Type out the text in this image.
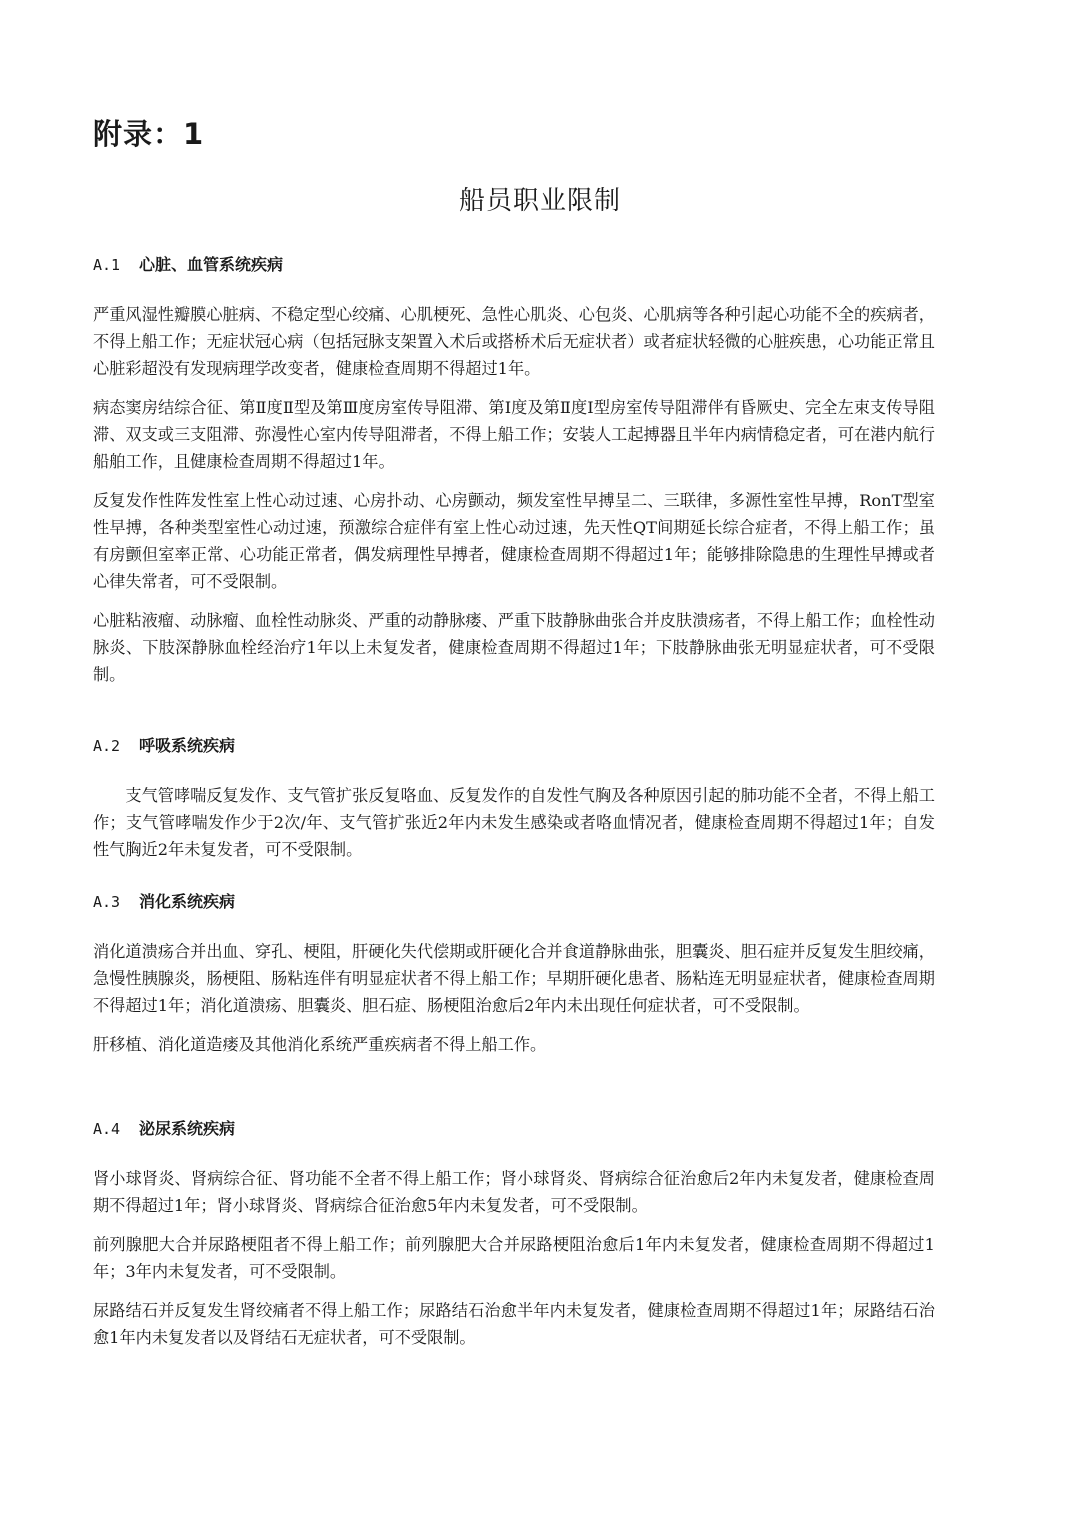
附录：1
船员职业限制
A.1 心脏、血管系统疾病

严重风湿性瓣膜心脏病、不稳定型心绞痛、心肌梗死、急性心肌炎、心包炎、心肌病等各种引起心功能不全的疾病者，不得上船工作；无症状冠心病（包括冠脉支架置入术后或搭桥术后无症状者）或者症状轻微的心脏疾患，心功能正常且心脏彩超没有发现病理学改变者，健康检查周期不得超过1年。

病态窦房结综合征、第Ⅱ度Ⅱ型及第Ⅲ度房室传导阻滞、第Ⅰ度及第Ⅱ度Ⅰ型房室传导阻滞伴有昏厥史、完全左束支传导阻滞、双支或三支阻滞、弥漫性心室内传导阻滞者，不得上船工作；安装人工起搏器且半年内病情稳定者，可在港内航行船舶工作，且健康检查周期不得超过1年。

反复发作性阵发性室上性心动过速、心房扑动、心房颤动，频发室性早搏呈二、三联律，多源性室性早搏，RonT型室性早搏，各种类型室性心动过速，预激综合症伴有室上性心动过速，先天性QT间期延长综合症者，不得上船工作；虽有房颤但室率正常、心功能正常者，偶发病理性早搏者，健康检查周期不得超过1年；能够排除隐患的生理性早搏或者心律失常者，可不受限制。

心脏粘液瘤、动脉瘤、血栓性动脉炎、严重的动静脉瘘、严重下肢静脉曲张合并皮肤溃疡者，不得上船工作；血栓性动脉炎、下肢深静脉血栓经治疗1年以上未复发者，健康检查周期不得超过1年；下肢静脉曲张无明显症状者，可不受限制。

A.2 呼吸系统疾病

支气管哮喘反复发作、支气管扩张反复咯血、反复发作的自发性气胸及各种原因引起的肺功能不全者，不得上船工作；支气管哮喘发作少于2次/年、支气管扩张近2年内未发生感染或者咯血情况者，健康检查周期不得超过1年；自发性气胸近2年未复发者，可不受限制。

A.3 消化系统疾病

消化道溃疡合并出血、穿孔、梗阻，肝硬化失代偿期或肝硬化合并食道静脉曲张，胆囊炎、胆石症并反复发生胆绞痛，急慢性胰腺炎，肠梗阻、肠粘连伴有明显症状者不得上船工作；早期肝硬化患者、肠粘连无明显症状者，健康检查周期不得超过1年；消化道溃疡、胆囊炎、胆石症、肠梗阻治愈后2年内未出现任何症状者，可不受限制。

肝移植、消化道造瘘及其他消化系统严重疾病者不得上船工作。

A.4 泌尿系统疾病

肾小球肾炎、肾病综合征、肾功能不全者不得上船工作；肾小球肾炎、肾病综合征治愈后2年内未复发者，健康检查周期不得超过1年；肾小球肾炎、肾病综合征治愈5年内未复发者，可不受限制。

前列腺肥大合并尿路梗阻者不得上船工作；前列腺肥大合并尿路梗阻治愈后1年内未复发者，健康检查周期不得超过1年；3年内未复发者，可不受限制。

尿路结石并反复发生肾绞痛者不得上船工作；尿路结石治愈半年内未复发者，健康检查周期不得超过1年；尿路结石治愈1年内未复发者以及肾结石无症状者，可不受限制。
